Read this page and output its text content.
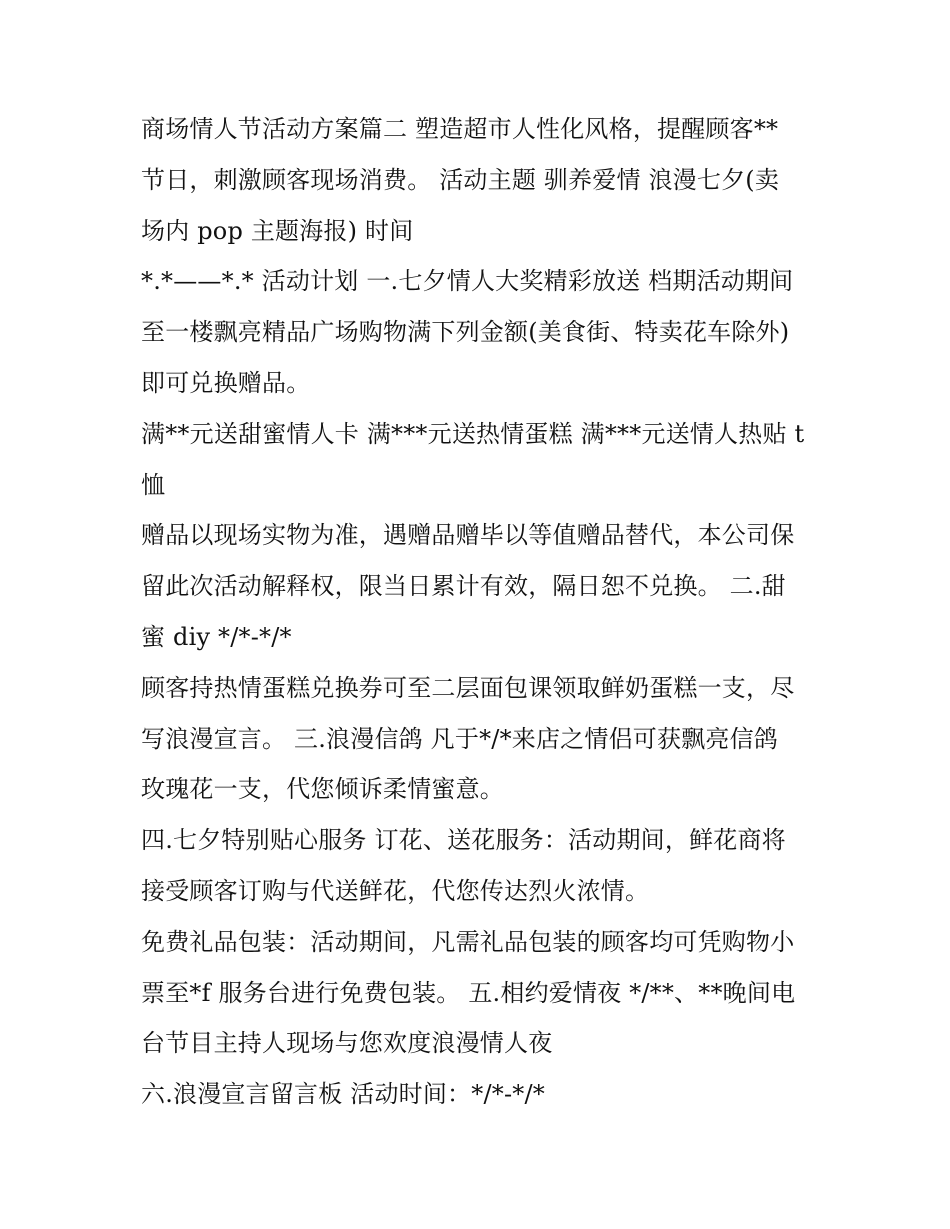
商场情人节活动方案篇二 塑造超市人性化风格，提醒顾客**
节日，刺激顾客现场消费。 活动主题 驯养爱情 浪漫七夕(卖
场内 pop 主题海报) 时间
*.*——*.* 活动计划 一.七夕情人大奖精彩放送 档期活动期间
至一楼飘亮精品广场购物满下列金额(美食街、特卖花车除外)
即可兑换赠品。
满**元送甜蜜情人卡 满***元送热情蛋糕 满***元送情人热贴 t
恤
赠品以现场实物为准，遇赠品赠毕以等值赠品替代，本公司保
留此次活动解释权，限当日累计有效，隔日恕不兑换。 二.甜
蜜 diy */*-*/*
顾客持热情蛋糕兑换券可至二层面包课领取鲜奶蛋糕一支，尽
写浪漫宣言。 三.浪漫信鸽 凡于*/*来店之情侣可获飘亮信鸽
玫瑰花一支，代您倾诉柔情蜜意。
四.七夕特别贴心服务 订花、送花服务：活动期间，鲜花商将
接受顾客订购与代送鲜花，代您传达烈火浓情。
免费礼品包装：活动期间，凡需礼品包装的顾客均可凭购物小
票至*f 服务台进行免费包装。 五.相约爱情夜 */**、**晚间电
台节目主持人现场与您欢度浪漫情人夜
六.浪漫宣言留言板 活动时间：*/*-*/*
